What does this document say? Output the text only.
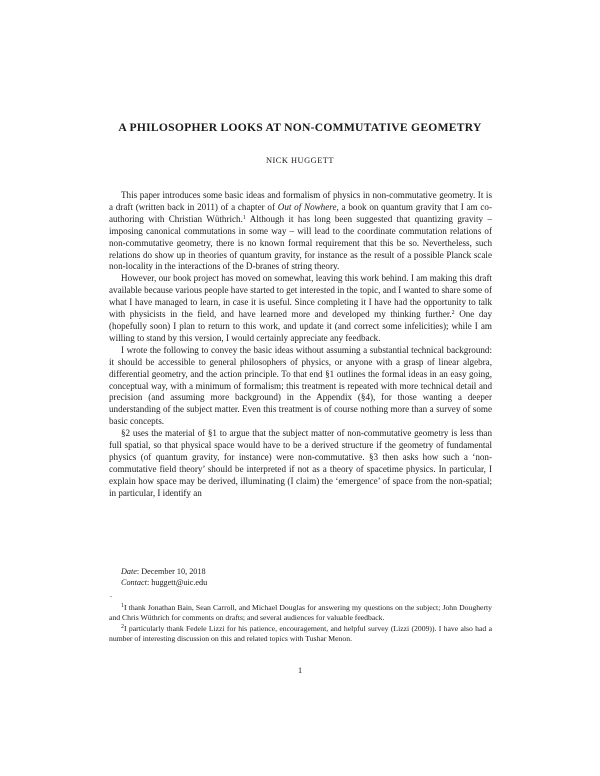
A PHILOSOPHER LOOKS AT NON-COMMUTATIVE GEOMETRY
NICK HUGGETT

This paper introduces some basic ideas and formalism of physics in non-commutative geometry. It is a draft (written back in 2011) of a chapter of Out of Nowhere, a book on quantum gravity that I am co-authoring with Christian Wüthrich.$^1$ Although it has long been suggested that quantizing gravity – imposing canonical commutations in some way – will lead to the coordinate commutation relations of non-commutative geometry, there is no known formal requirement that this be so. Nevertheless, such relations do show up in theories of quantum gravity, for instance as the result of a possible Planck scale non-locality in the interactions of the D-branes of string theory.

However, our book project has moved on somewhat, leaving this work behind. I am making this draft available because various people have started to get interested in the topic, and I wanted to share some of what I have managed to learn, in case it is useful. Since completing it I have had the opportunity to talk with physicists in the field, and have learned more and developed my thinking further.$^2$ One day (hopefully soon) I plan to return to this work, and update it (and correct some infelicities); while I am willing to stand by this version, I would certainly appreciate any feedback.

I wrote the following to convey the basic ideas without assuming a substantial technical background: it should be accessible to general philosophers of physics, or anyone with a grasp of linear algebra, differential geometry, and the action principle. To that end §1 outlines the formal ideas in an easy going, conceptual way, with a minimum of formalism; this treatment is repeated with more technical detail and precision (and assuming more background) in the Appendix (§4), for those wanting a deeper understanding of the subject matter. Even this treatment is of course nothing more than a survey of some basic concepts.

§2 uses the material of §1 to argue that the subject matter of non-commutative geometry is less than full spatial, so that physical space would have to be a derived structure if the geometry of fundamental physics (of quantum gravity, for instance) were non-commutative. §3 then asks how such a ‘non-commutative field theory’ should be interpreted if not as a theory of spacetime physics. In particular, I explain how space may be derived, illuminating (I claim) the ‘emergence’ of space from the non-spatial; in particular, I identify an

Date: December 10, 2018
Contact: huggett@uic.edu
.

$^1$I thank Jonathan Bain, Sean Carroll, and Michael Douglas for answering my questions on the subject; John Dougherty and Chris Wüthrich for comments on drafts; and several audiences for valuable feedback.

$^2$I particularly thank Fedele Lizzi for his patience, encouragement, and helpful survey (Lizzi (2009)). I have also had a number of interesting discussion on this and related topics with Tushar Menon.

1
